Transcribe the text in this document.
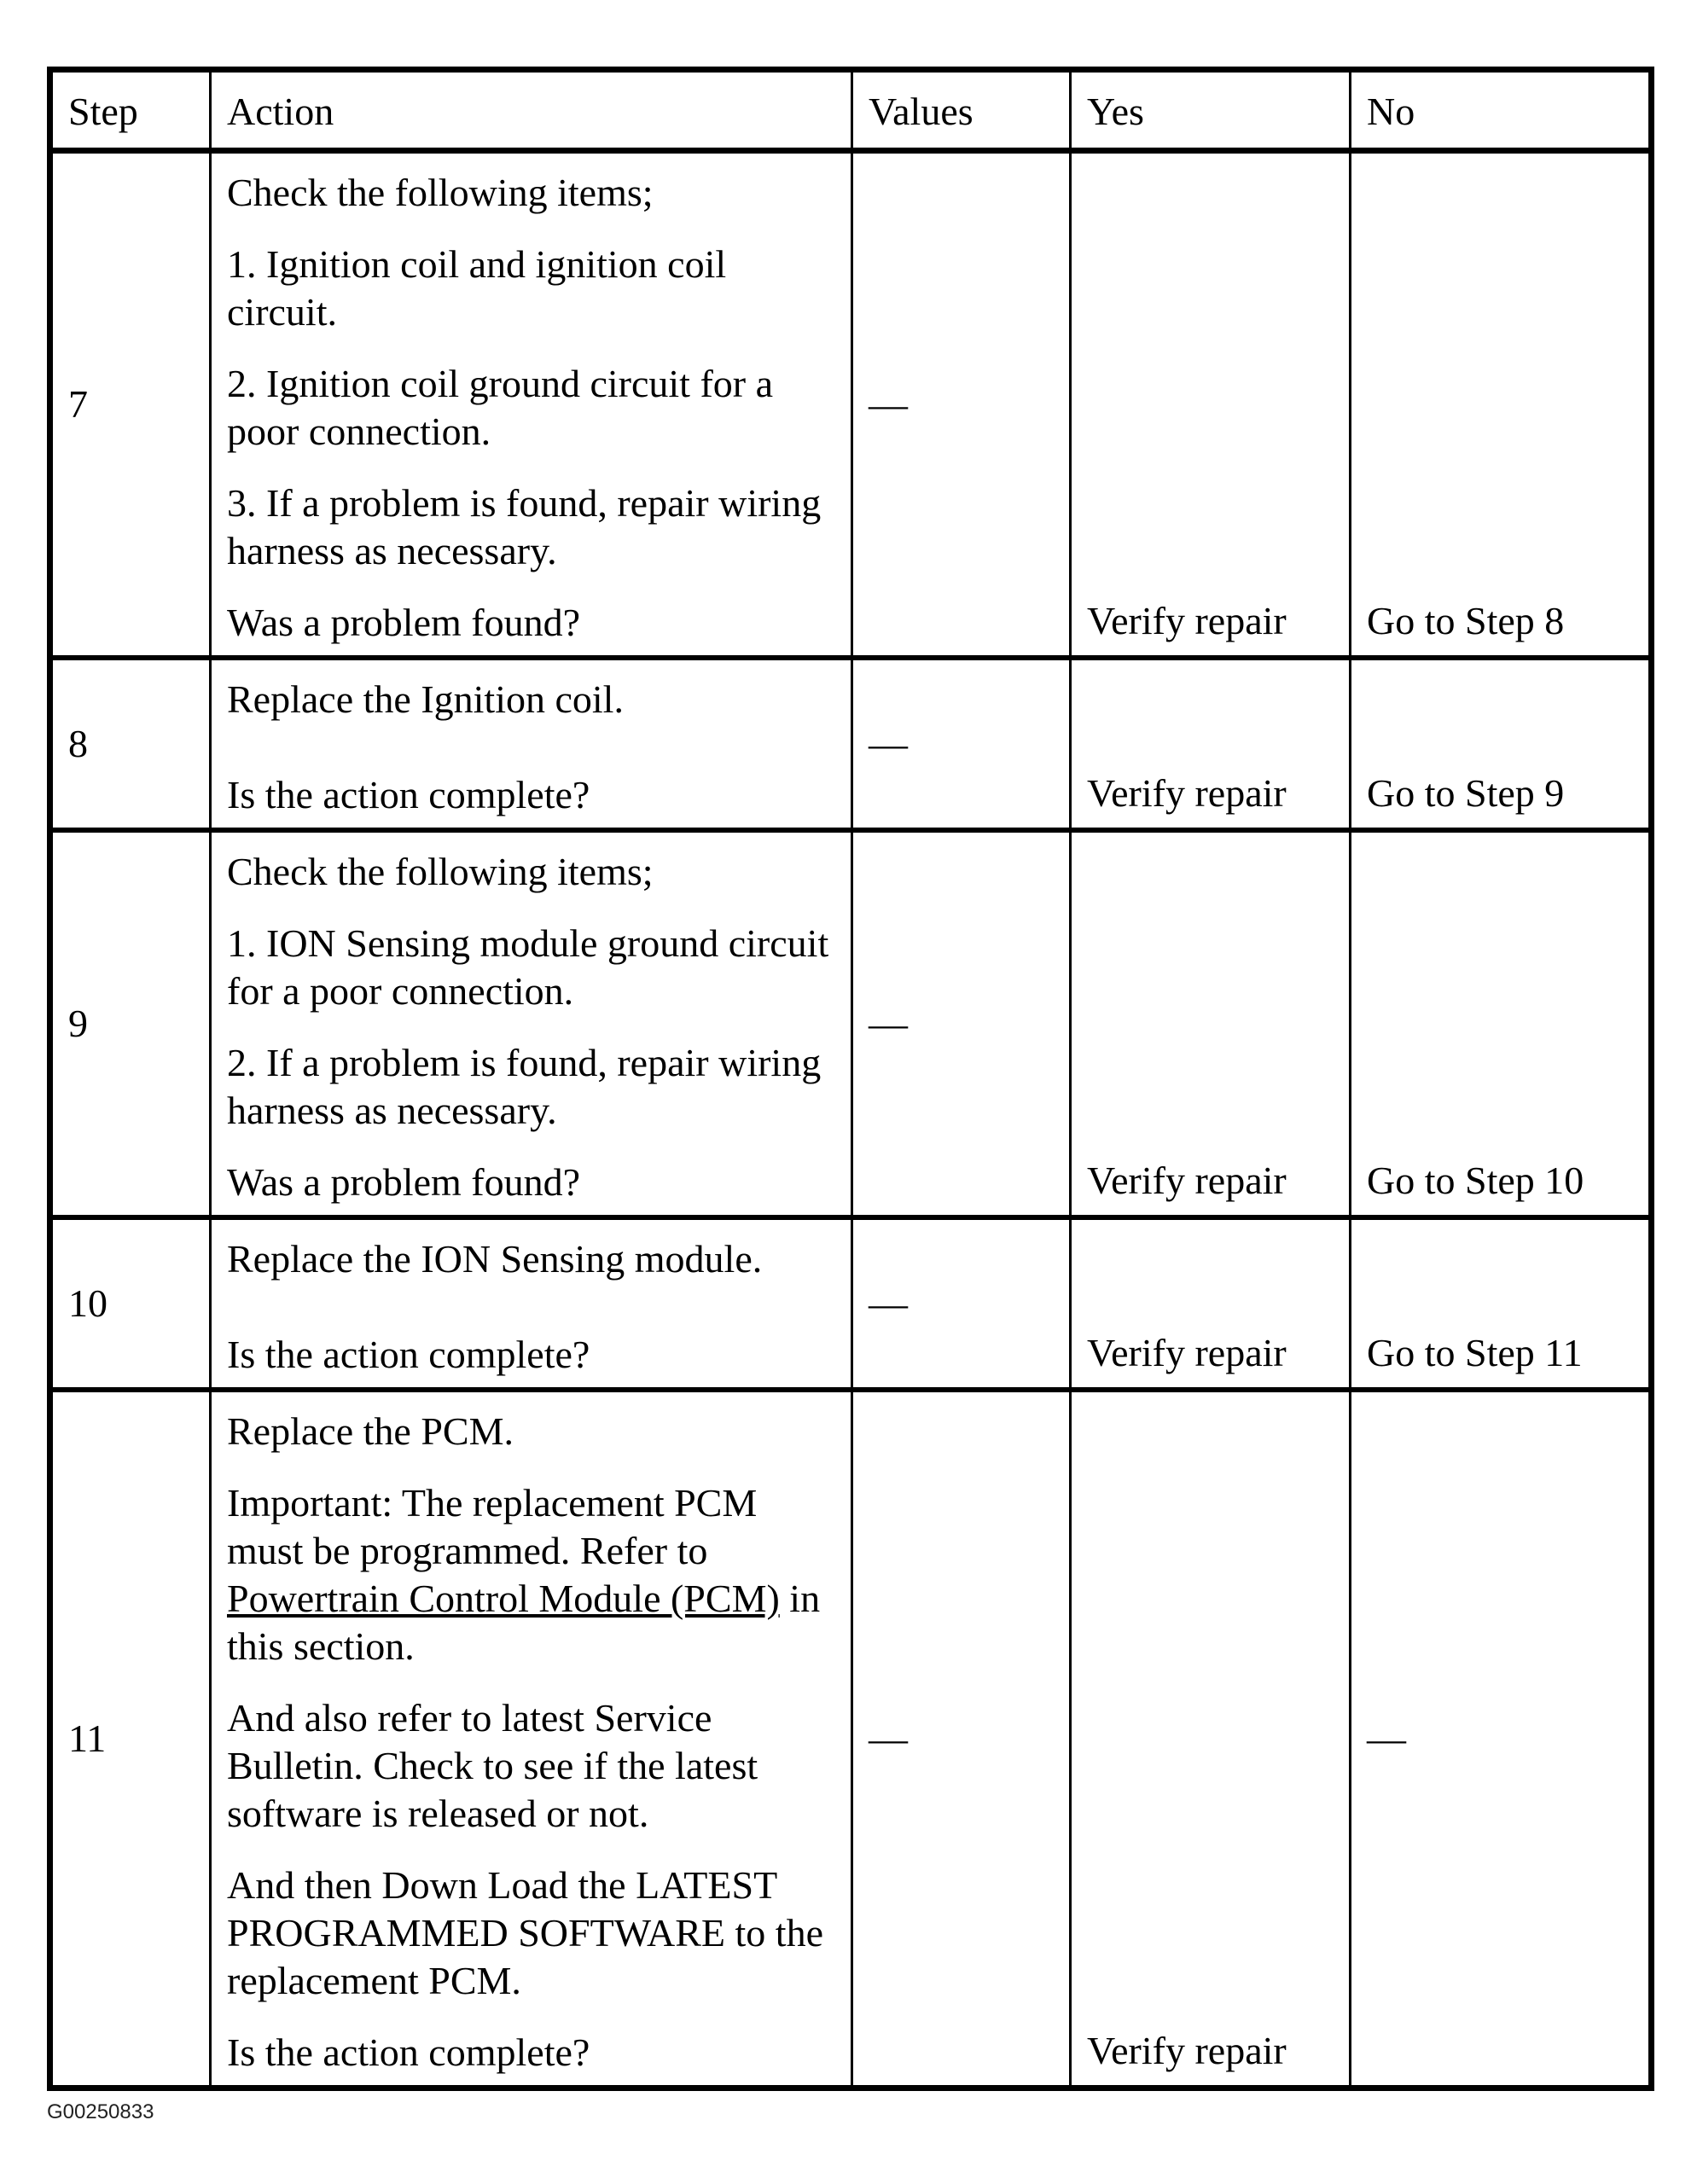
Step	Action	Values	Yes	No
7	Check the following items;
1. Ignition coil and ignition coil circuit.
2. Ignition coil ground circuit for a poor connection.
3. If a problem is found, repair wiring harness as necessary.
Was a problem found?	—	Verify repair	Go to Step 8
8	Replace the Ignition coil.
Is the action complete?	—	Verify repair	Go to Step 9
9	Check the following items;
1. ION Sensing module ground circuit for a poor connection.
2. If a problem is found, repair wiring harness as necessary.
Was a problem found?	—	Verify repair	Go to Step 10
10	Replace the ION Sensing module.
Is the action complete?	—	Verify repair	Go to Step 11
11	Replace the PCM.
Important: The replacement PCM must be programmed. Refer to Powertrain Control Module (PCM) in this section.
And also refer to latest Service Bulletin. Check to see if the latest software is released or not.
And then Down Load the LATEST PROGRAMMED SOFTWARE to the replacement PCM.
Is the action complete?	—	Verify repair	—
G00250833
